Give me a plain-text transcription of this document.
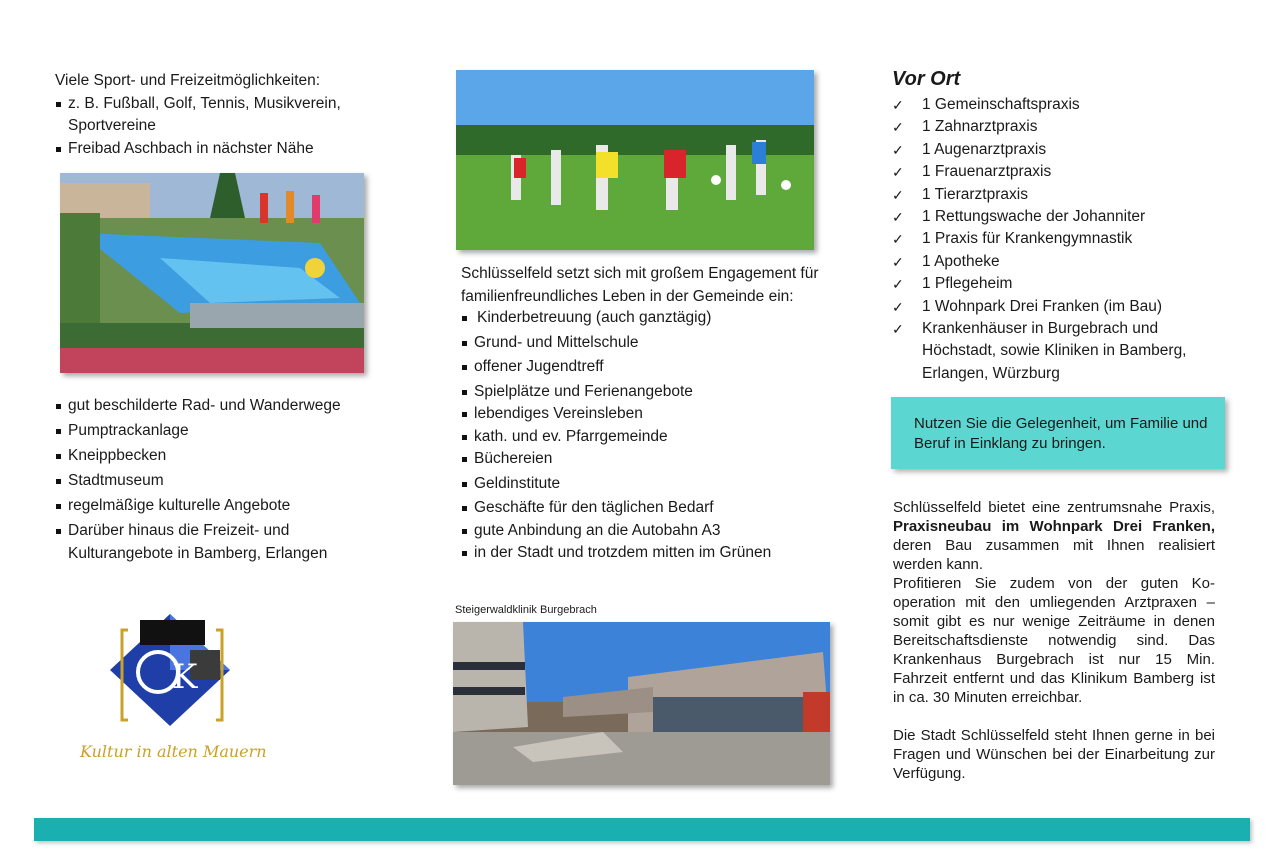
Viele Sport- und Freizeitmöglichkeiten:
z. B. Fußball, Golf, Tennis, Musikverein, Sportvereine
Freibad Aschbach in nächster Nähe
gut beschilderte Rad- und Wanderwege
Pumptrackanlage
Kneippbecken
Stadtmuseum
regelmäßige kulturelle Angebote
Darüber hinaus die Freizeit- und Kulturangebote in Bamberg, Erlangen
K
Kultur in alten Mauern
Schlüsselfeld setzt sich mit großem Engagement für familienfreundliches Leben in der Gemeinde ein:
Kinderbetreuung (auch ganztägig)
Grund- und Mittelschule
offener Jugendtreff
Spielplätze und Ferienangebote
lebendiges Vereinsleben
kath. und ev. Pfarrgemeinde
Büchereien
Geldinstitute
Geschäfte für den täglichen Bedarf
gute Anbindung an die Autobahn A3
in der Stadt und trotzdem mitten im Grünen
Steigerwaldklinik Burgebrach
Vor Ort
✓ 1 Gemeinschaftspraxis
✓ 1 Zahnarztpraxis
✓ 1 Augenarztpraxis
✓ 1 Frauenarztpraxis
✓ 1 Tierarztpraxis
✓ 1 Rettungswache der Johanniter
✓ 1 Praxis für Krankengymnastik
✓ 1 Apotheke
✓ 1 Pflegeheim
✓ 1 Wohnpark Drei Franken (im Bau)
✓ Krankenhäuser in Burgebrach und Höchstadt, sowie Kliniken in Bamberg, Erlangen, Würzburg
Nutzen Sie die Gelegenheit, um Familie und Beruf in Einklang zu bringen.
Schlüsselfeld bietet eine zentrumsnahe Praxis, Praxisneubau im Wohnpark Drei Franken, deren Bau zusammen mit Ihnen realisiert werden kann.
Profitieren Sie zudem von der guten Ko-operation mit den umliegenden Arztpraxen – somit gibt es nur wenige Zeiträume in denen Bereitschaftsdienste notwendig sind. Das Krankenhaus Burgebrach ist nur 15 Min. Fahrzeit entfernt und das Klinikum Bamberg ist in ca. 30 Minuten erreichbar.
Die Stadt Schlüsselfeld steht Ihnen gerne in bei Fragen und Wünschen bei der Einarbeitung zur Verfügung.
